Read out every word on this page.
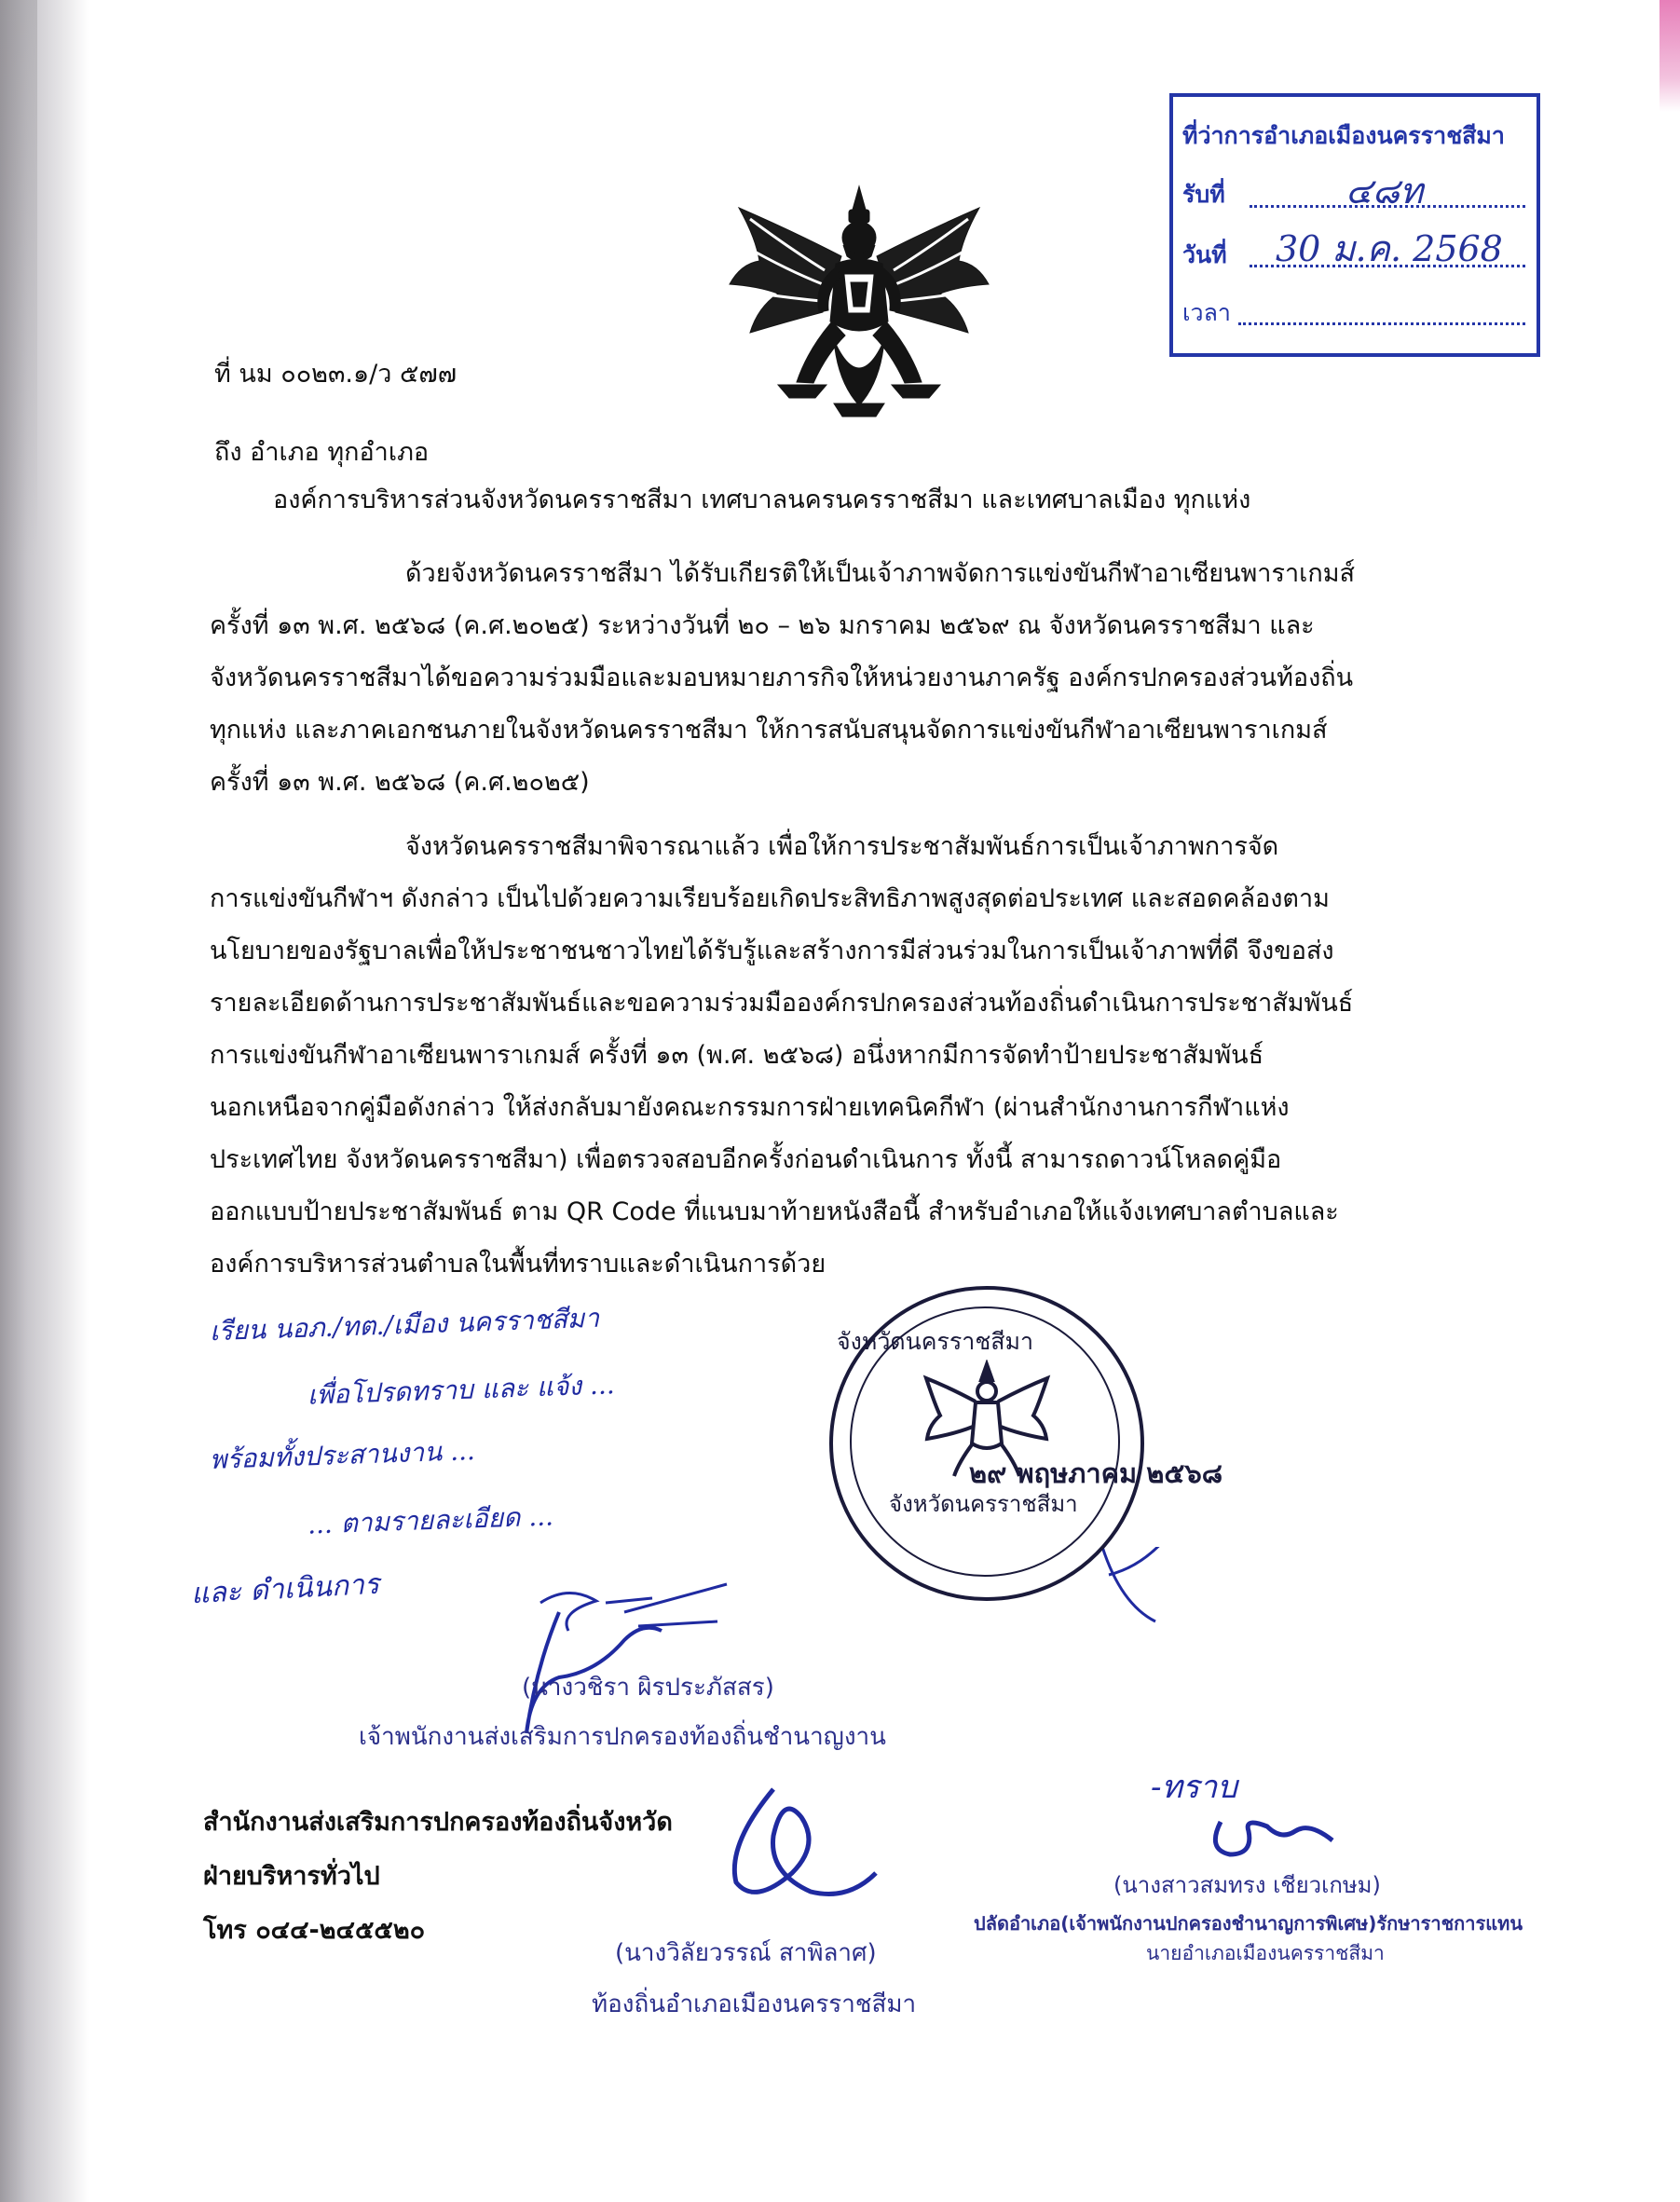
ที่ว่าการอำเภอเมืองนครราชสีมา
รับที่	๔๘ท
วันที่	30 ม.ค. 2568
เวลา
ที่ นม ๐๐๒๓.๑/ว ๕๗๗
ถึง อำเภอ ทุกอำเภอ
องค์การบริหารส่วนจังหวัดนครราชสีมา เทศบาลนครนครราชสีมา และเทศบาลเมือง ทุกแห่ง
ด้วยจังหวัดนครราชสีมา ได้รับเกียรติให้เป็นเจ้าภาพจัดการแข่งขันกีฬาอาเซียนพาราเกมส์
ครั้งที่ ๑๓ พ.ศ. ๒๕๖๘ (ค.ศ.๒๐๒๕) ระหว่างวันที่ ๒๐ – ๒๖ มกราคม ๒๕๖๙ ณ จังหวัดนครราชสีมา และ
จังหวัดนครราชสีมาได้ขอความร่วมมือและมอบหมายภารกิจให้หน่วยงานภาครัฐ องค์กรปกครองส่วนท้องถิ่น
ทุกแห่ง และภาคเอกชนภายในจังหวัดนครราชสีมา ให้การสนับสนุนจัดการแข่งขันกีฬาอาเซียนพาราเกมส์
ครั้งที่ ๑๓ พ.ศ. ๒๕๖๘ (ค.ศ.๒๐๒๕)
จังหวัดนครราชสีมาพิจารณาแล้ว เพื่อให้การประชาสัมพันธ์การเป็นเจ้าภาพการจัด
การแข่งขันกีฬาฯ ดังกล่าว เป็นไปด้วยความเรียบร้อยเกิดประสิทธิภาพสูงสุดต่อประเทศ และสอดคล้องตาม
นโยบายของรัฐบาลเพื่อให้ประชาชนชาวไทยได้รับรู้และสร้างการมีส่วนร่วมในการเป็นเจ้าภาพที่ดี จึงขอส่ง
รายละเอียดด้านการประชาสัมพันธ์และขอความร่วมมือองค์กรปกครองส่วนท้องถิ่นดำเนินการประชาสัมพันธ์
การแข่งขันกีฬาอาเซียนพาราเกมส์ ครั้งที่ ๑๓ (พ.ศ. ๒๕๖๘) อนึ่งหากมีการจัดทำป้ายประชาสัมพันธ์
นอกเหนือจากคู่มือดังกล่าว ให้ส่งกลับมายังคณะกรรมการฝ่ายเทคนิคกีฬา (ผ่านสำนักงานการกีฬาแห่ง
ประเทศไทย จังหวัดนครราชสีมา) เพื่อตรวจสอบอีกครั้งก่อนดำเนินการ ทั้งนี้ สามารถดาวน์โหลดคู่มือ
ออกแบบป้ายประชาสัมพันธ์ ตาม QR Code ที่แนบมาท้ายหนังสือนี้ สำหรับอำเภอให้แจ้งเทศบาลตำบลและ
องค์การบริหารส่วนตำบลในพื้นที่ทราบและดำเนินการด้วย
เรียน นอภ./ทต./เมือง นครราชสีมา
เพื่อโปรดทราบ และ แจ้ง ...
พร้อมทั้งประสานงาน ...
... ตามรายละเอียด ...
และ ดำเนินการ
จังหวัดนครราชสีมา
จังหวัดนครราชสีมา
๒๙ พฤษภาคม ๒๕๖๘
(นางวชิรา ผิรประภัสสร)
เจ้าพนักงานส่งเสริมการปกครองท้องถิ่นชำนาญงาน
สำนักงานส่งเสริมการปกครองท้องถิ่นจังหวัด
ฝ่ายบริหารทั่วไป
โทร ๐๔๔-๒๔๕๕๒๐
(นางวิลัยวรรณ์ สาพิลาศ)
ท้องถิ่นอำเภอเมืองนครราชสีมา
-ทราบ
(นางสาวสมทรง เชียวเกษม)
ปลัดอำเภอ(เจ้าพนักงานปกครองชำนาญการพิเศษ)รักษาราชการแทน
นายอำเภอเมืองนครราชสีมา
